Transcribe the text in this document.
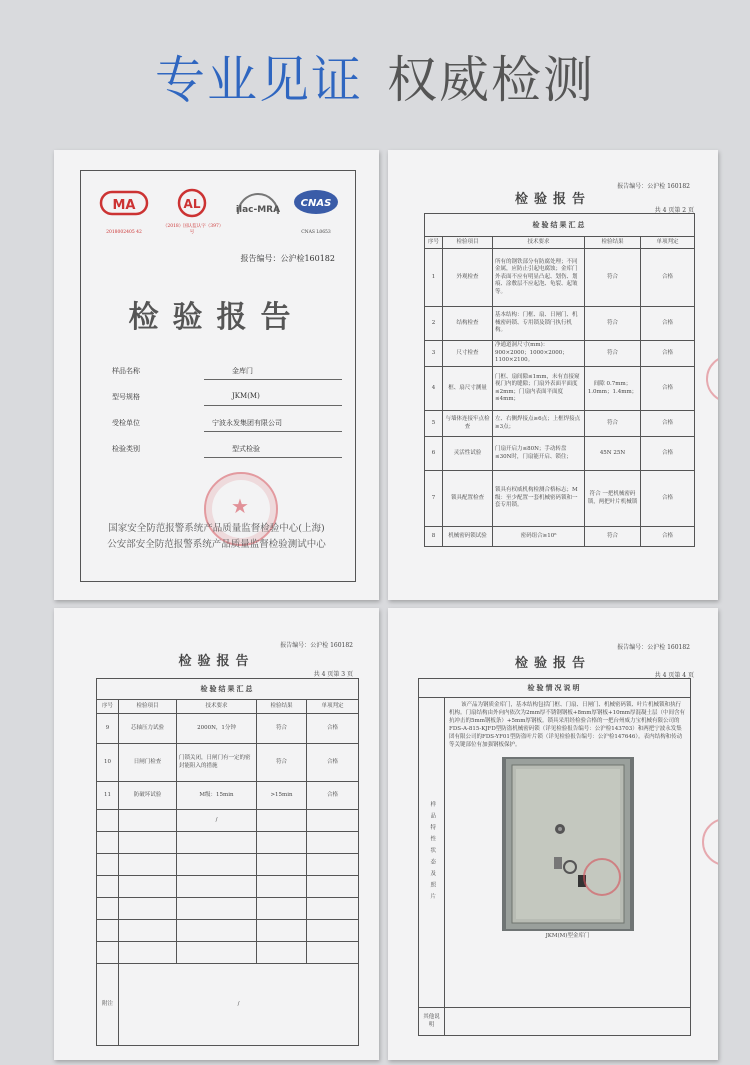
专业见证 权威检测
MA
2018002405 42
AL
（2018）国认监认字（397）号
ilac-MRA
CNAS
CNAS L0653
报告编号：公沪检160182
检验报告
样品名称	金库门
型号规格	JKM(M)
受检单位	宁波永发集团有限公司
检验类别	型式检验
★
国家安全防范报警系统产品质量监督检验中心(上海)
公安部安全防范报警系统产品质量监督检验测试中心
报告编号：公沪检 160182
检验报告
共 4 页第 2 页
检验结果汇总				
序号	检验项目	技术要求	检验结果	单项判定
1	外观检查	所有的钢铁部分有防腐处理；不同金属，应防止引起电腐蚀；金库门外表面不应有明显凸起、划伤、划痕、涂敷层不应起泡、龟裂、起皱等。	符合	合格
2	结构检查	基本结构：门框、扇、日闸门、机械密码锁、专用锁及锁闩执行机构。	符合	合格
3	尺寸检查	净通道洞尺寸(mm)：900×2000；1000×2000；1100×2100。	符合	合格
4	框、扇尺寸测量	门框、扇间隙≤1mm，未有直接窥视门内的缝隙；门扇外表面平面度≤2mm；门扇内表面平面度≤4mm；	间隙 0.7mm；1.0mm；1.4mm；	合格
5	与墙体连接牢点检查	左、右侧焊接点≥6点；上框焊接点≥3点；	符合	合格
6	灵活性试验	门扇开启力≤80N；手动转盘≤30N时，门扇能开启、锁住；	45N 25N	合格
7	锁具配置检查	锁具有权威机构检测合格标志；M级：至少配置一套机械密码锁和一套专用锁。	符合 一把机械密码锁，两把叶片机械锁	合格
8	机械密码锁试验	密码组合≥10⁶	符合	合格
报告编号：公沪检 160182
检验报告
共 4 页第 3 页
检验结果汇总				
序号	检验项目	技术要求	检验结果	单项判定
9	芯轴压力试验	2000N，1分钟	符合	合格
10	日闸门检查	门锁关闭，日闸门有一定的密封能阻入的措施	符合	合格
11	防破坏试验	M级：15min	>15min	合格
		/		

附注	/			
报告编号：公沪检 160182
检验报告
共 4 页第 4 页
检验情况说明	
样品特性状态及照片	该产品为钢质金库门，基本结构包括门框、门扇、日闸门、机械密码锁、叶片机械锁和执行机构。门扇结构由外向内依次为2mm厚不锈钢钢板+8mm厚钢板+10mm厚混凝土层（中间含有抗冲击的5mm钢板条）+5mm厚钢板。锁具采用经检验合格的一把台州威力宝机械有限公司的FDS-A-815-KJFD型防盗机械密码锁（详见检验报告编号：公沪检143703）和两把宁波永发集团有限公司的FDS-YF01型防盗叶片锁（详见检验报告编号：公沪检147646）。表内结构和传动等关键部位有加强钢板保护。
JKM(M)型金库门

其他说明	
